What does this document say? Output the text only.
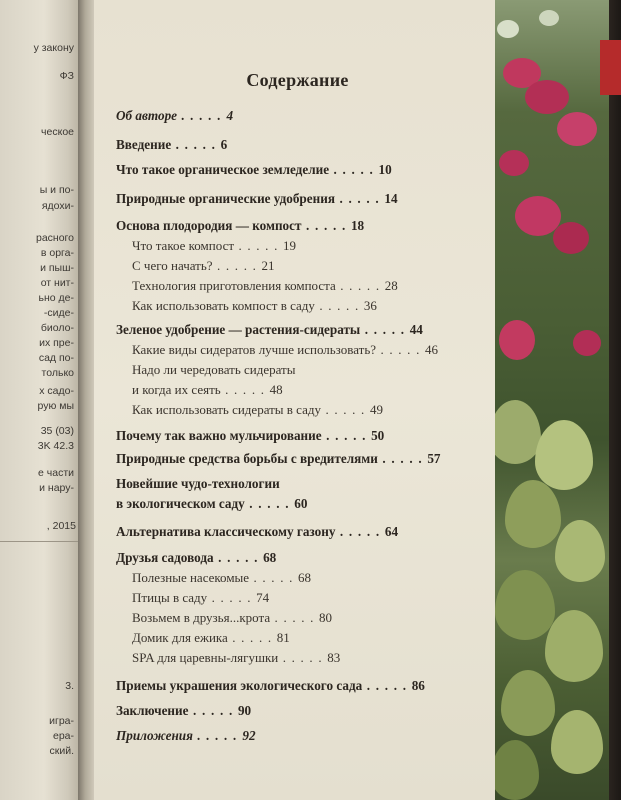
у закону
ФЗ
ческое
ы и по-
ядохи-
расного
в орга-
и пыш-
от нит-
ьно де-
-сиде-
биоло-
их пре-
сад по-
только
х садо-
рую мы
35 (03)
3K 42.3
е части
и нару-
, 2015
3.
игра-
ера-
ский.
Содержание
Об авторе . . . . . 4
Введение . . . . . 6
Что такое органическое земледелие . . . . . 10
Природные органические удобрения . . . . . 14
Основа плодородия — компост . . . . . 18
Что такое компост . . . . . 19
С чего начать? . . . . . 21
Технология приготовления компоста . . . . . 28
Как использовать компост в саду . . . . . 36
Зеленое удобрение — растения-сидераты . . . . . 44
Какие виды сидератов лучше использовать? . . . . . 46
Надо ли чередовать сидераты
и когда их сеять . . . . . 48
Как использовать сидераты в саду . . . . . 49
Почему так важно мульчирование . . . . . 50
Природные средства борьбы с вредителями . . . . . 57
Новейшие чудо-технологии
в экологическом саду . . . . . 60
Альтернатива классическому газону . . . . . 64
Друзья садовода . . . . . 68
Полезные насекомые . . . . . 68
Птицы в саду . . . . . 74
Возьмем в друзья...крота . . . . . 80
Домик для ежика . . . . . 81
SPA для царевны-лягушки . . . . . 83
Приемы украшения экологического сада . . . . . 86
Заключение . . . . . 90
Приложения . . . . . 92
